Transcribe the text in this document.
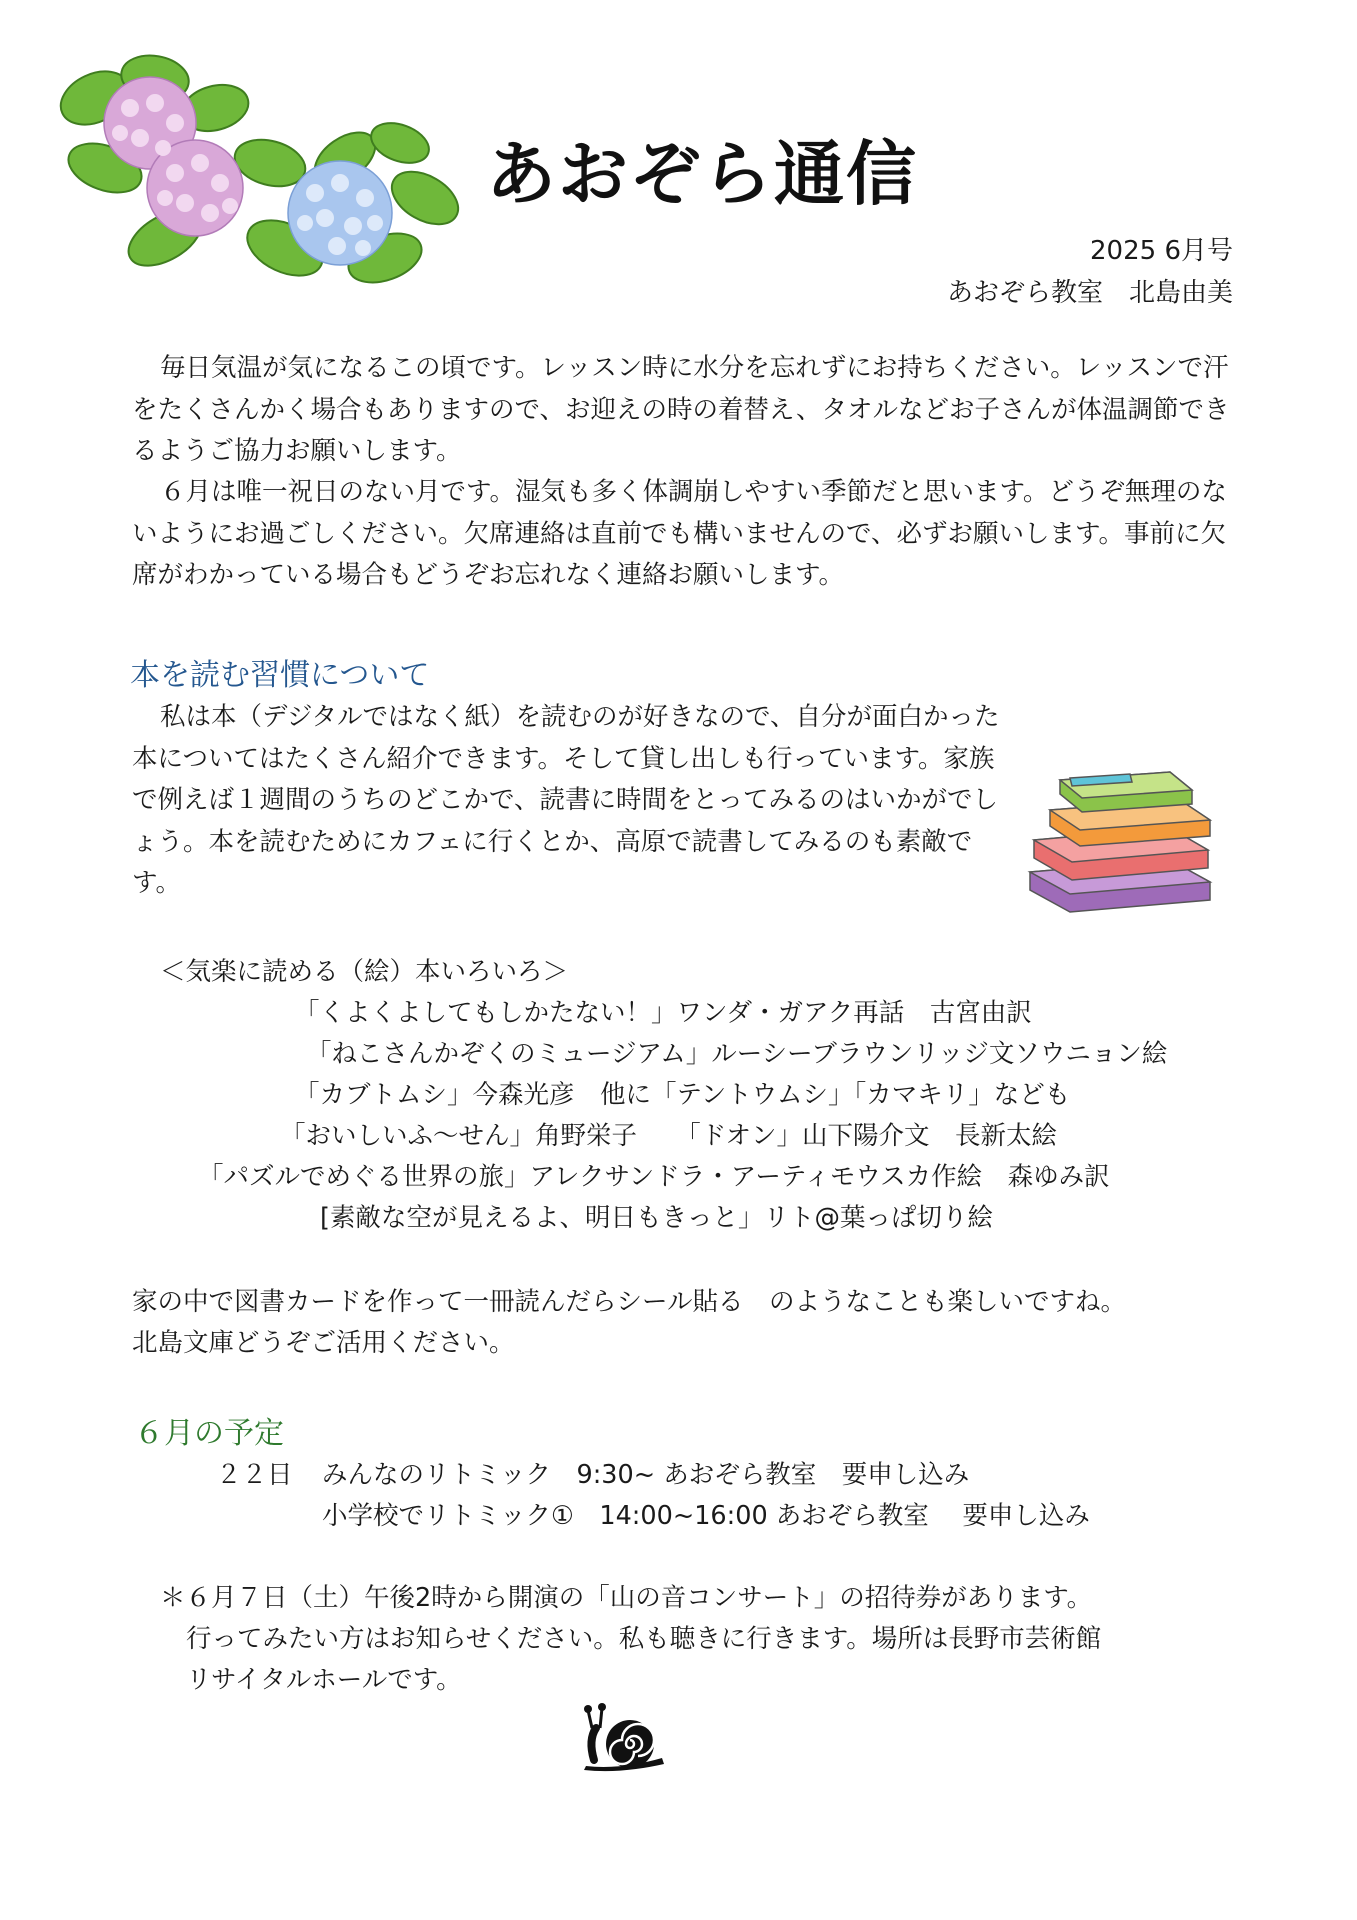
あおぞら通信
2025 6月号
あおぞら教室　北島由美

毎日気温が気になるこの頃です。レッスン時に水分を忘れずにお持ちください。レッスンで汗をたくさんかく場合もありますので、お迎えの時の着替え、タオルなどお子さんが体温調節できるようご協力お願いします。

６月は唯一祝日のない月です。湿気も多く体調崩しやすい季節だと思います。どうぞ無理のないようにお過ごしください。欠席連絡は直前でも構いませんので、必ずお願いします。事前に欠席がわかっている場合もどうぞお忘れなく連絡お願いします。

本を読む習慣について

私は本（デジタルではなく紙）を読むのが好きなので、自分が面白かった本についてはたくさん紹介できます。そして貸し出しも行っています。家族で例えば１週間のうちのどこかで、読書に時間をとってみるのはいかがでしょう。本を読むためにカフェに行くとか、高原で読書してみるのも素敵です。

＜気楽に読める（絵）本いろいろ＞
「くよくよしてもしかたない！」ワンダ・ガアク再話　古宮由訳
「ねこさんかぞくのミュージアム」ルーシーブラウンリッジ文ソウニョン絵
「カブトムシ」今森光彦　他に「テントウムシ」「カマキリ」なども
「おいしいふ〜せん」角野栄子　　「ドオン」山下陽介文　長新太絵
「パズルでめぐる世界の旅」アレクサンドラ・アーティモウスカ作絵　森ゆみ訳
[素敵な空が見えるよ、明日もきっと」リト@葉っぱ切り絵
家の中で図書カードを作って一冊読んだらシール貼る　のようなことも楽しいですね。
北島文庫どうぞご活用ください。
６月の予定
２２日 みんなのリトミック　9:30~ あおぞら教室　要申し込み
小学校でリトミック①　14:00~16:00 あおぞら教室　 要申し込み
＊６月７日（土）午後2時から開演の「山の音コンサート」の招待券があります。
行ってみたい方はお知らせください。私も聴きに行きます。場所は長野市芸術館
リサイタルホールです。
